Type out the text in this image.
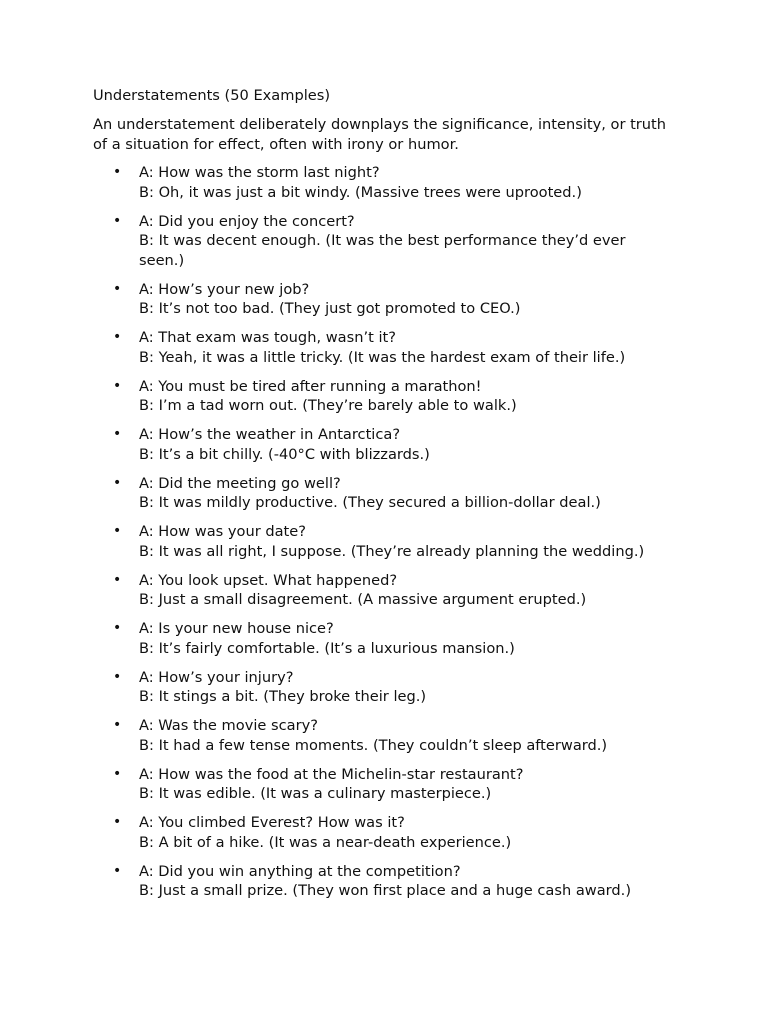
Understatements (50 Examples)

An understatement deliberately downplays the significance, intensity, or truth of a situation for effect, often with irony or humor.

• A: How was the storm last night?
B: Oh, it was just a bit windy. (Massive trees were uprooted.)
• A: Did you enjoy the concert?
B: It was decent enough. (It was the best performance they’d ever seen.)
• A: How’s your new job?
B: It’s not too bad. (They just got promoted to CEO.)
• A: That exam was tough, wasn’t it?
B: Yeah, it was a little tricky. (It was the hardest exam of their life.)
• A: You must be tired after running a marathon!
B: I’m a tad worn out. (They’re barely able to walk.)
• A: How’s the weather in Antarctica?
B: It’s a bit chilly. (-40°C with blizzards.)
• A: Did the meeting go well?
B: It was mildly productive. (They secured a billion-dollar deal.)
• A: How was your date?
B: It was all right, I suppose. (They’re already planning the wedding.)
• A: You look upset. What happened?
B: Just a small disagreement. (A massive argument erupted.)
• A: Is your new house nice?
B: It’s fairly comfortable. (It’s a luxurious mansion.)
• A: How’s your injury?
B: It stings a bit. (They broke their leg.)
• A: Was the movie scary?
B: It had a few tense moments. (They couldn’t sleep afterward.)
• A: How was the food at the Michelin-star restaurant?
B: It was edible. (It was a culinary masterpiece.)
• A: You climbed Everest? How was it?
B: A bit of a hike. (It was a near-death experience.)
• A: Did you win anything at the competition?
B: Just a small prize. (They won first place and a huge cash award.)
